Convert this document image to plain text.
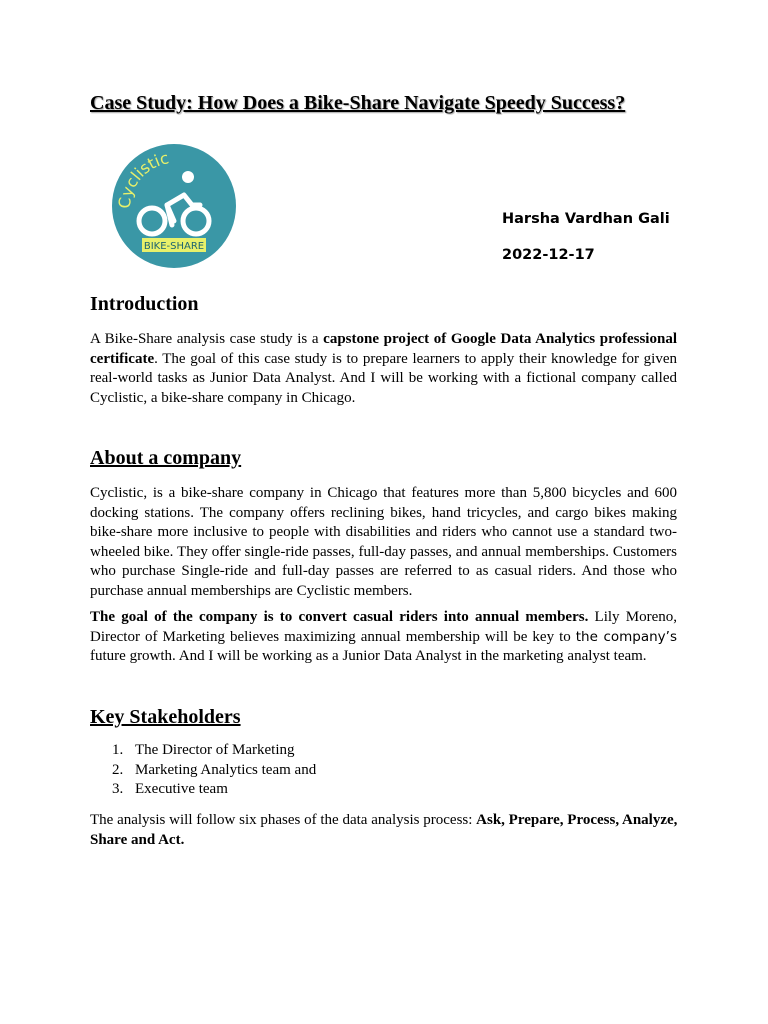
Case Study: How Does a Bike-Share Navigate Speedy Success?
Cyclistic
BIKE-SHARE
Harsha Vardhan Gali
2022-12-17
Introduction

A Bike-Share analysis case study is a capstone project of Google Data Analytics professional certificate. The goal of this case study is to prepare learners to apply their knowledge for given real-world tasks as Junior Data Analyst. And I will be working with a fictional company called Cyclistic, a bike-share company in Chicago.

About a company

Cyclistic, is a bike-share company in Chicago that features more than 5,800 bicycles and 600 docking stations. The company offers reclining bikes, hand tricycles, and cargo bikes making bike-share more inclusive to people with disabilities and riders who cannot use a standard two-wheeled bike. They offer single-ride passes, full-day passes, and annual memberships. Customers who purchase Single-ride and full-day passes are referred to as casual riders. And those who purchase annual memberships are Cyclistic members.

The goal of the company is to convert casual riders into annual members. Lily Moreno, Director of Marketing believes maximizing annual membership will be key to the company’s future growth. And I will be working as a Junior Data Analyst in the marketing analyst team.

Key Stakeholders
1. The Director of Marketing
2. Marketing Analytics team and
3. Executive team

The analysis will follow six phases of the data analysis process: Ask, Prepare, Process, Analyze, Share and Act.
